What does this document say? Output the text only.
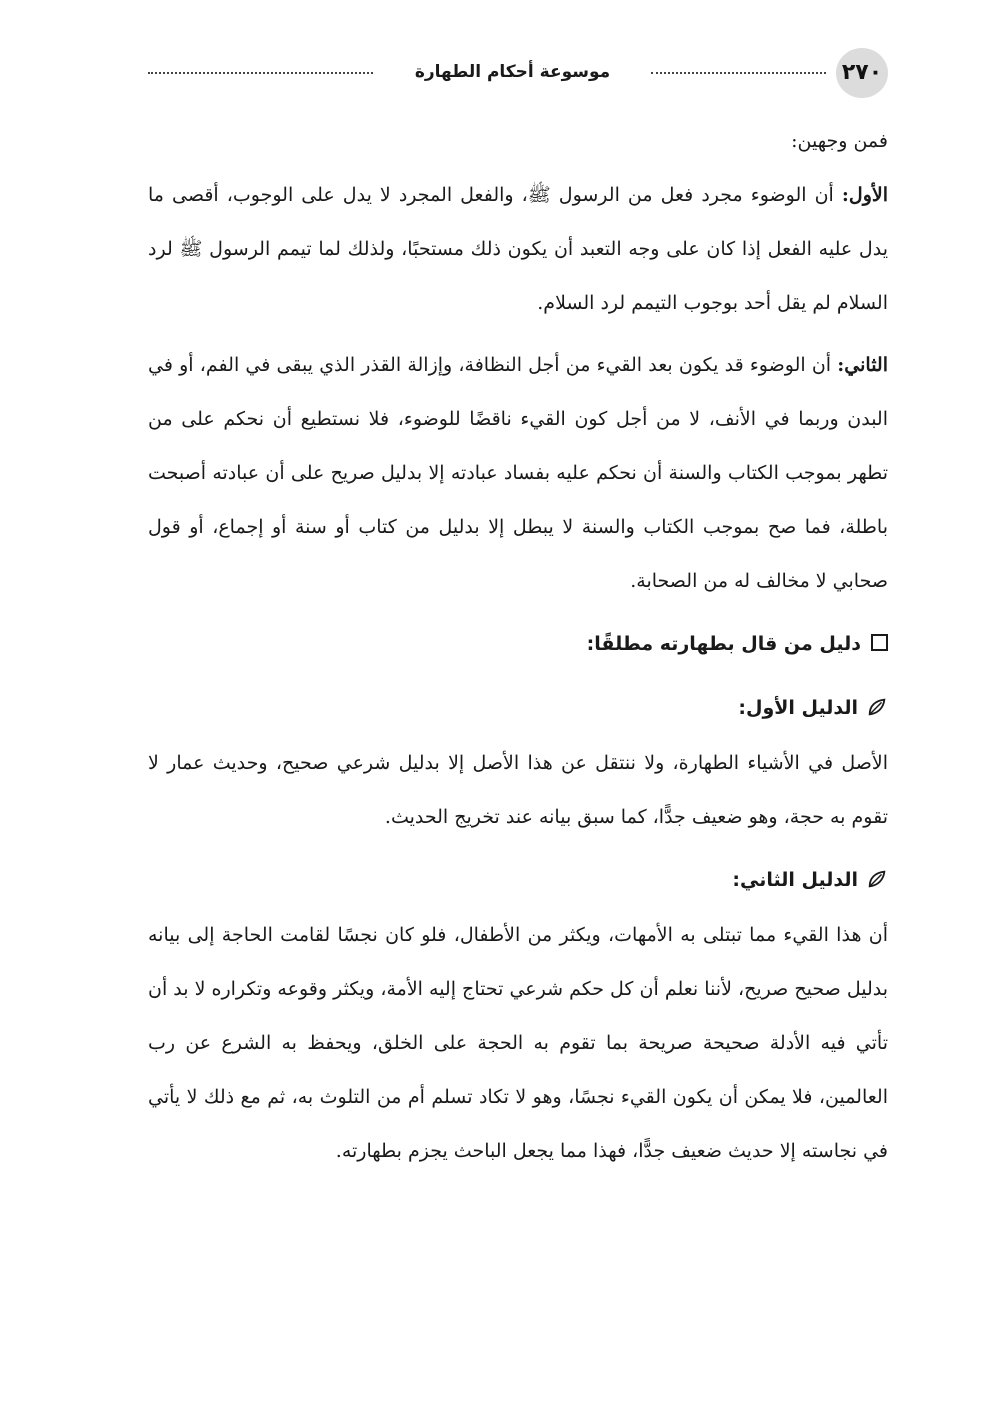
٢٧٠
موسوعة أحكام الطهارة

فمن وجهين:

الأول: أن الوضوء مجرد فعل من الرسول ﷺ، والفعل المجرد لا يدل على الوجوب، أقصى ما يدل عليه الفعل إذا كان على وجه التعبد أن يكون ذلك مستحبًا، ولذلك لما تيمم الرسول ﷺ لرد السلام لم يقل أحد بوجوب التيمم لرد السلام.

الثاني: أن الوضوء قد يكون بعد القيء من أجل النظافة، وإزالة القذر الذي يبقى في الفم، أو في البدن وربما في الأنف، لا من أجل كون القيء ناقضًا للوضوء، فلا نستطيع أن نحكم على من تطهر بموجب الكتاب والسنة أن نحكم عليه بفساد عبادته إلا بدليل صريح على أن عبادته أصبحت باطلة، فما صح بموجب الكتاب والسنة لا يبطل إلا بدليل من كتاب أو سنة أو إجماع، أو قول صحابي لا مخالف له من الصحابة.

دليل من قال بطهارته مطلقًا:
الدليل الأول:

الأصل في الأشياء الطهارة، ولا ننتقل عن هذا الأصل إلا بدليل شرعي صحيح، وحديث عمار لا تقوم به حجة، وهو ضعيف جدًّا، كما سبق بيانه عند تخريج الحديث.

الدليل الثاني:

أن هذا القيء مما تبتلى به الأمهات، ويكثر من الأطفال، فلو كان نجسًا لقامت الحاجة إلى بيانه بدليل صحيح صريح، لأننا نعلم أن كل حكم شرعي تحتاج إليه الأمة، ويكثر وقوعه وتكراره لا بد أن تأتي فيه الأدلة صحيحة صريحة بما تقوم به الحجة على الخلق، ويحفظ به الشرع عن رب العالمين، فلا يمكن أن يكون القيء نجسًا، وهو لا تكاد تسلم أم من التلوث به، ثم مع ذلك لا يأتي في نجاسته إلا حديث ضعيف جدًّا، فهذا مما يجعل الباحث يجزم بطهارته.
